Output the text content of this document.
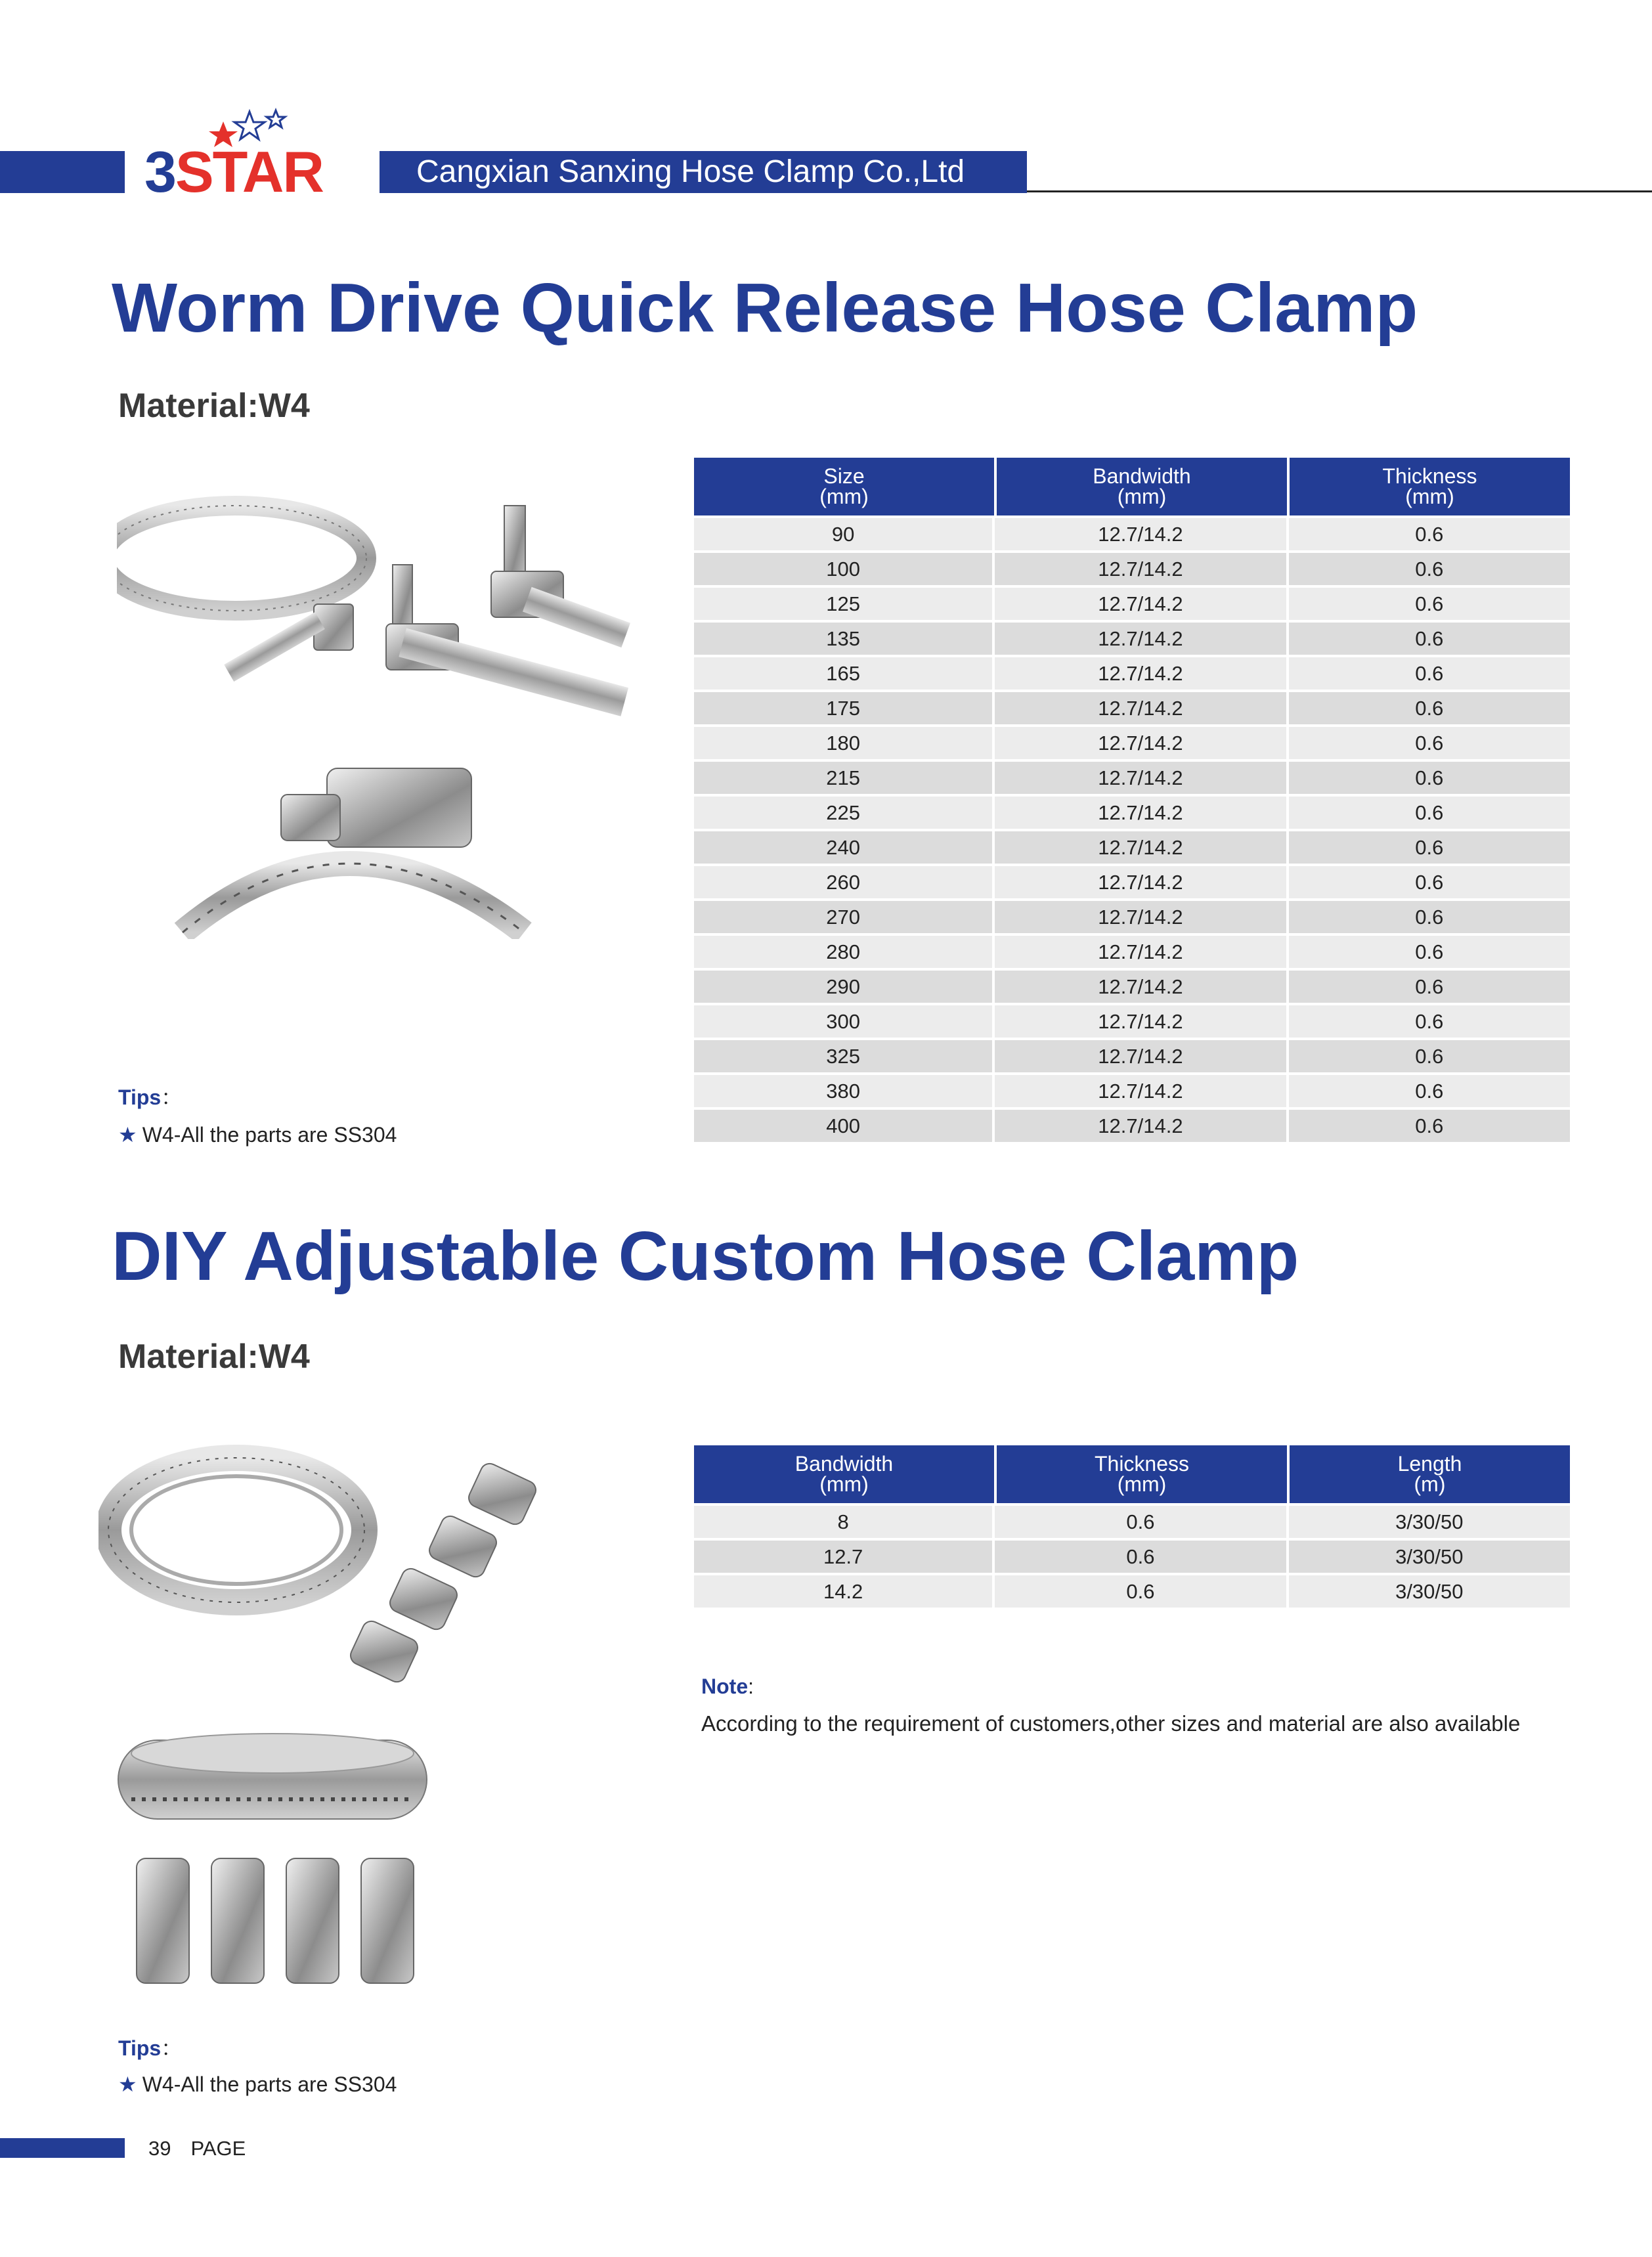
3STAR	Cangxian Sanxing Hose Clamp Co.,Ltd
Worm Drive Quick Release Hose Clamp
Material:W4
Size
(mm)
Bandwidth
(mm)
Thickness
(mm)
90	12.7/14.2	0.6
100	12.7/14.2	0.6
125	12.7/14.2	0.6
135	12.7/14.2	0.6
165	12.7/14.2	0.6
175	12.7/14.2	0.6
180	12.7/14.2	0.6
215	12.7/14.2	0.6
225	12.7/14.2	0.6
240	12.7/14.2	0.6
260	12.7/14.2	0.6
270	12.7/14.2	0.6
280	12.7/14.2	0.6
290	12.7/14.2	0.6
300	12.7/14.2	0.6
325	12.7/14.2	0.6
380	12.7/14.2	0.6
400	12.7/14.2	0.6
Tips：
★ W4-All the parts are SS304
DIY Adjustable Custom Hose Clamp
Material:W4
Bandwidth
(mm)
Thickness
(mm)
Length
(m)
8	0.6	3/30/50
12.7	0.6	3/30/50
14.2	0.6	3/30/50
Note:
According to the requirement of customers,other sizes and material are also available
Tips：
★ W4-All the parts are SS304
39 PAGE
